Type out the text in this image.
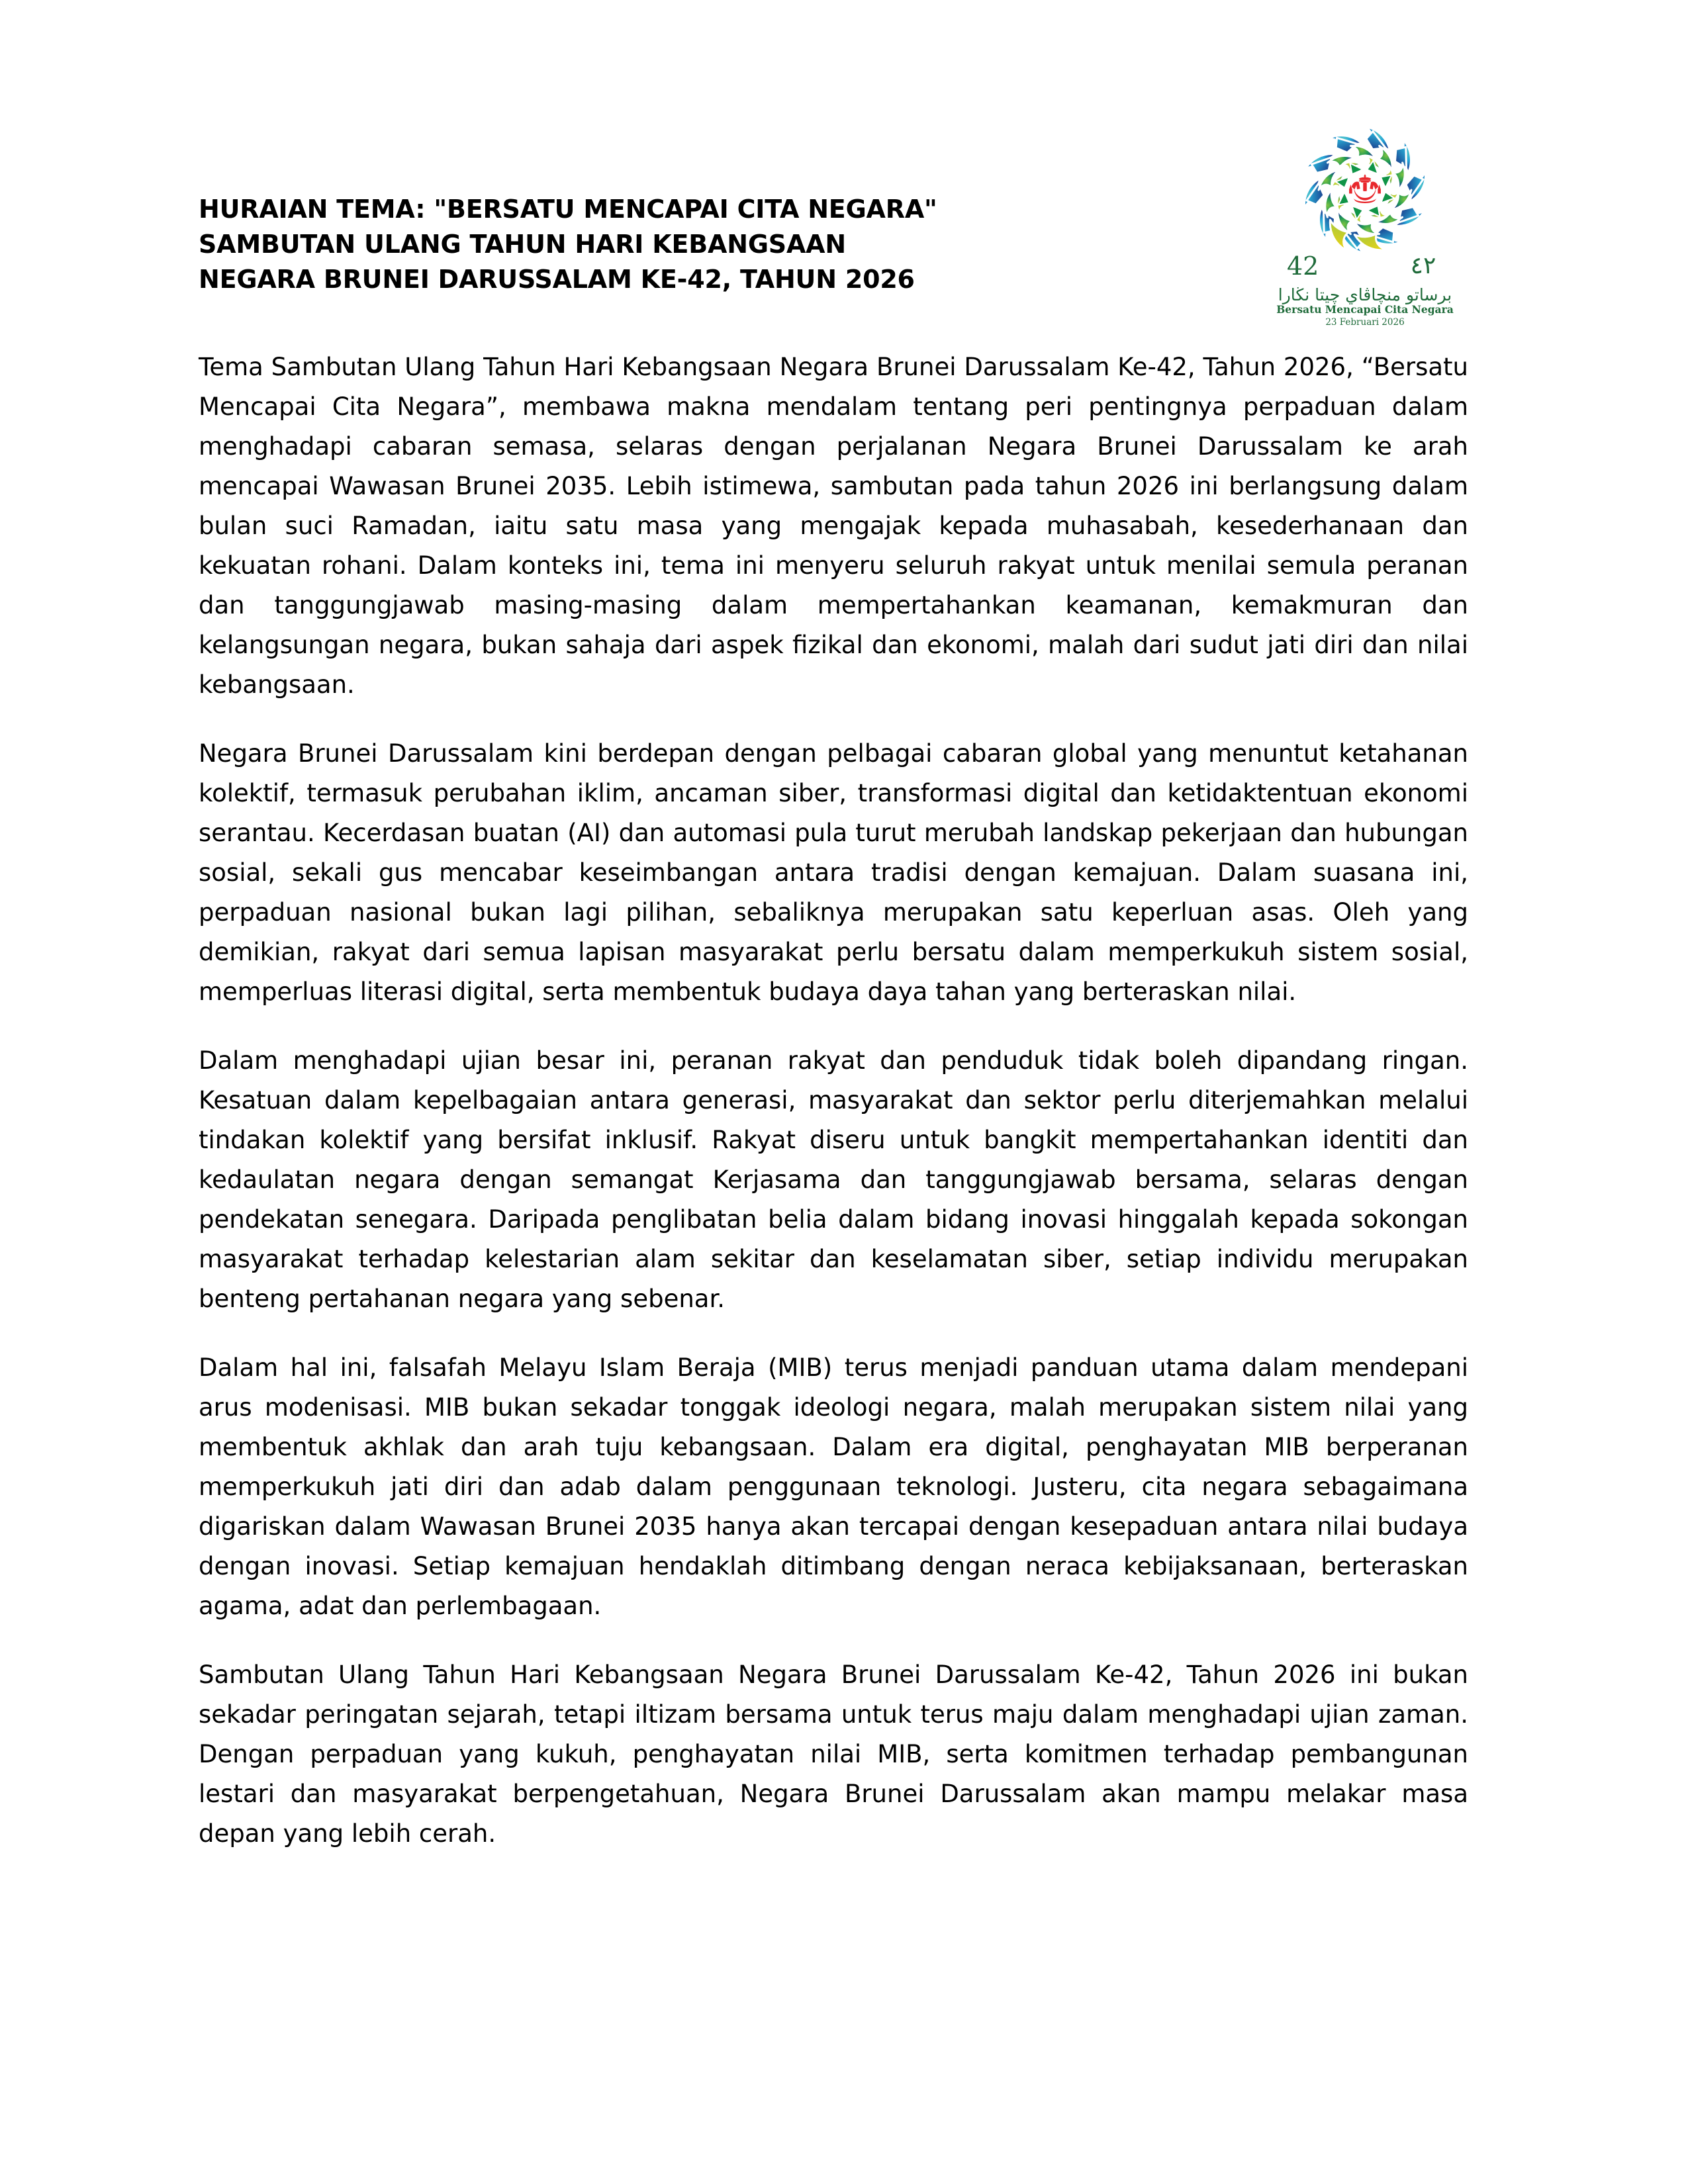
HURAIAN TEMA: "BERSATU MENCAPAI CITA NEGARA"
SAMBUTAN ULANG TAHUN HARI KEBANGSAAN
NEGARA BRUNEI DARUSSALAM KE-42, TAHUN 2026	42	٤٢
برساتو منچاڤاي چيتا نڬارا
Bersatu Mencapai Cita Negara
23 Februari 2026

Tema Sambutan Ulang Tahun Hari Kebangsaan Negara Brunei Darussalam Ke-42, Tahun 2026, “Bersatu Mencapai Cita Negara”, membawa makna mendalam tentang peri pentingnya perpaduan dalam menghadapi cabaran semasa, selaras dengan perjalanan Negara Brunei Darussalam ke arah mencapai Wawasan Brunei 2035. Lebih istimewa, sambutan pada tahun 2026 ini berlangsung dalam bulan suci Ramadan, iaitu satu masa yang mengajak kepada muhasabah, kesederhanaan dan kekuatan rohani. Dalam konteks ini, tema ini menyeru seluruh rakyat untuk menilai semula peranan dan tanggungjawab masing-masing dalam mempertahankan keamanan, kemakmuran dan kelangsungan negara, bukan sahaja dari aspek fizikal dan ekonomi, malah dari sudut jati diri dan nilai kebangsaan.

Negara Brunei Darussalam kini berdepan dengan pelbagai cabaran global yang menuntut ketahanan kolektif, termasuk perubahan iklim, ancaman siber, transformasi digital dan ketidaktentuan ekonomi serantau. Kecerdasan buatan (AI) dan automasi pula turut merubah landskap pekerjaan dan hubungan sosial, sekali gus mencabar keseimbangan antara tradisi dengan kemajuan. Dalam suasana ini, perpaduan nasional bukan lagi pilihan, sebaliknya merupakan satu keperluan asas. Oleh yang demikian, rakyat dari semua lapisan masyarakat perlu bersatu dalam memperkukuh sistem sosial, memperluas literasi digital, serta membentuk budaya daya tahan yang berteraskan nilai.

Dalam menghadapi ujian besar ini, peranan rakyat dan penduduk tidak boleh dipandang ringan. Kesatuan dalam kepelbagaian antara generasi, masyarakat dan sektor perlu diterjemahkan melalui tindakan kolektif yang bersifat inklusif. Rakyat diseru untuk bangkit mempertahankan identiti dan kedaulatan negara dengan semangat Kerjasama dan tanggungjawab bersama, selaras dengan pendekatan senegara. Daripada penglibatan belia dalam bidang inovasi hinggalah kepada sokongan masyarakat terhadap kelestarian alam sekitar dan keselamatan siber, setiap individu merupakan benteng pertahanan negara yang sebenar.

Dalam hal ini, falsafah Melayu Islam Beraja (MIB) terus menjadi panduan utama dalam mendepani arus modenisasi. MIB bukan sekadar tonggak ideologi negara, malah merupakan sistem nilai yang membentuk akhlak dan arah tuju kebangsaan. Dalam era digital, penghayatan MIB berperanan memperkukuh jati diri dan adab dalam penggunaan teknologi. Justeru, cita negara sebagaimana digariskan dalam Wawasan Brunei 2035 hanya akan tercapai dengan kesepaduan antara nilai budaya dengan inovasi. Setiap kemajuan hendaklah ditimbang dengan neraca kebijaksanaan, berteraskan agama, adat dan perlembagaan.

Sambutan Ulang Tahun Hari Kebangsaan Negara Brunei Darussalam Ke-42, Tahun 2026 ini bukan sekadar peringatan sejarah, tetapi iltizam bersama untuk terus maju dalam menghadapi ujian zaman. Dengan perpaduan yang kukuh, penghayatan nilai MIB, serta komitmen terhadap pembangunan lestari dan masyarakat berpengetahuan, Negara Brunei Darussalam akan mampu melakar masa depan yang lebih cerah.
